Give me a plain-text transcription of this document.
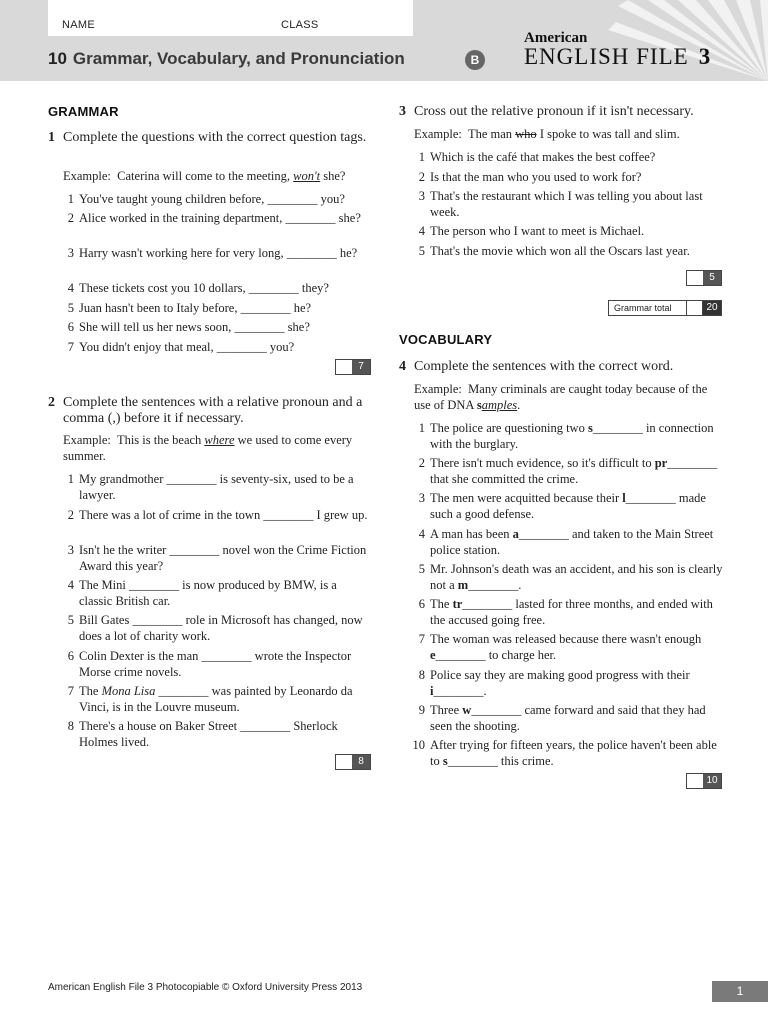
NAME	CLASS
10 Grammar, Vocabulary, and Pronunciation	B
American
ENGLISH FILE 3
GRAMMAR
1 Complete the questions with the correct question tags.
Example: Caterina will come to the meeting, won't she?
1 You've taught young children before, ________ you?
2 Alice worked in the training department, ________ she?
3 Harry wasn't working here for very long, ________ he?
4 These tickets cost you 10 dollars, ________ they?
5 Juan hasn't been to Italy before, ________ he?
6 She will tell us her news soon, ________ she?
7 You didn't enjoy that meal, ________ you?
7
2 Complete the sentences with a relative pronoun and a comma (,) before it if necessary.
Example: This is the beach where we used to come every summer.
1 My grandmother ________ is seventy-six, used to be a lawyer.
2 There was a lot of crime in the town ________ I grew up.
3 Isn't he the writer ________ novel won the Crime Fiction Award this year?
4 The Mini ________ is now produced by BMW, is a classic British car.
5 Bill Gates ________ role in Microsoft has changed, now does a lot of charity work.
6 Colin Dexter is the man ________ wrote the Inspector Morse crime novels.
7 The Mona Lisa ________ was painted by Leonardo da Vinci, is in the Louvre museum.
8 There's a house on Baker Street ________ Sherlock Holmes lived.
8
3 Cross out the relative pronoun if it isn't necessary.
Example: The man who I spoke to was tall and slim.
1 Which is the café that makes the best coffee?
2 Is that the man who you used to work for?
3 That's the restaurant which I was telling you about last week.
4 The person who I want to meet is Michael.
5 That's the movie which won all the Oscars last year.
5
Grammar total	20
VOCABULARY
4 Complete the sentences with the correct word.
Example: Many criminals are caught today because of the use of DNA samples.
1 The police are questioning two s________ in connection with the burglary.
2 There isn't much evidence, so it's difficult to pr________ that she committed the crime.
3 The men were acquitted because their l________ made such a good defense.
4 A man has been a________ and taken to the Main Street police station.
5 Mr. Johnson's death was an accident, and his son is clearly not a m________.
6 The tr________ lasted for three months, and ended with the accused going free.
7 The woman was released because there wasn't enough e________ to charge her.
8 Police say they are making good progress with their i________.
9 Three w________ came forward and said that they had seen the shooting.
10 After trying for fifteen years, the police haven't been able to s________ this crime.
10
American English File 3 Photocopiable © Oxford University Press 2013	1
